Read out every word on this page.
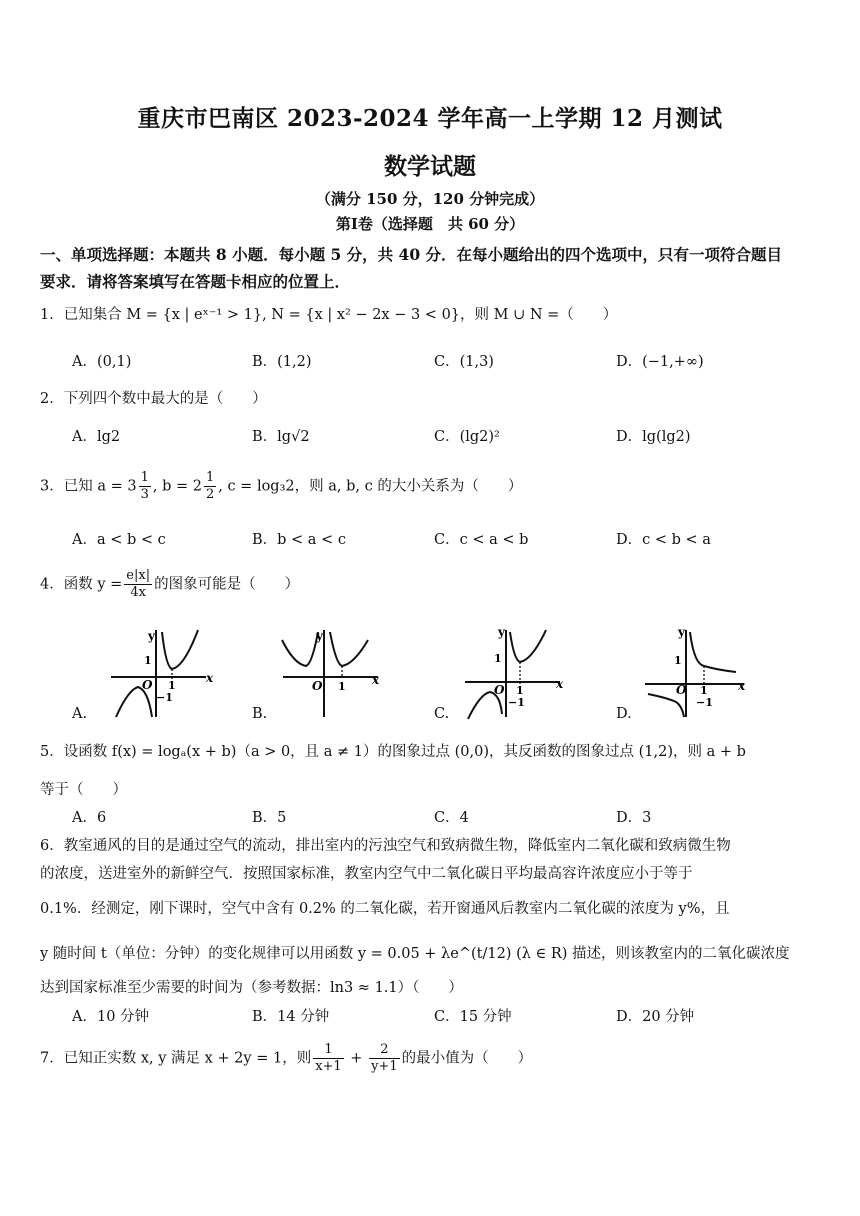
重庆市巴南区 2023-2024 学年高一上学期 12 月测试
数学试题
（满分 150 分，120 分钟完成）
第Ⅰ卷（选择题　共 60 分）
一、单项选择题：本题共 8 小题．每小题 5 分，共 40 分．在每小题给出的四个选项中，只有一项符合题目要求．请将答案填写在答题卡相应的位置上．
1．已知集合 M = {x | eˣ⁻¹ > 1}, N = {x | x² − 2x − 3 < 0}，则 M ∪ N =（　　）
A．(0,1)	B．(1,2)	C．(1,3)	D．(−1,+∞)
2．下列四个数中最大的是（　　）
A．lg2	B．lg√2	C．(lg2)²	D．lg(lg2)
3．已知 $a = 3 \frac{1}{3}$ , $b = 2 \frac{1}{2}$ , c = log₃2，则 a, b, c 的大小关系为（　　）
A．a < b < c	B．b < a < c	C．c < a < b	D．c < b < a
4．函数 $y = \frac{e|x|}{4x}$ 的图象可能是（　　）
y
x
1
O 1
−1
y
x
O 1
y
x
1
O 1
−1
y
x
1
O 1
−1
A.	B.	C.	D.
5．设函数 f(x) = logₐ(x + b)（a > 0，且 a ≠ 1）的图象过点 (0,0)，其反函数的图象过点 (1,2)，则 a + b
等于（　　）
A．6	B．5	C．4	D．3
6．教室通风的目的是通过空气的流动，排出室内的污浊空气和致病微生物，降低室内二氧化碳和致病微生物
的浓度，送进室外的新鲜空气．按照国家标准，教室内空气中二氧化碳日平均最高容许浓度应小于等于
0.1%．经测定，刚下课时，空气中含有 0.2% 的二氧化碳，若开窗通风后教室内二氧化碳的浓度为 y%，且
y 随时间 t（单位：分钟）的变化规律可以用函数 y = 0.05 + λe^(t/12) (λ ∈ R) 描述，则该教室内的二氧化碳浓度
达到国家标准至少需要的时间为（参考数据：ln3 ≈ 1.1）（　　）
A．10 分钟	B．14 分钟	C．15 分钟	D．20 分钟
7．已知正实数 x, y 满足 x + 2y = 1，则 $\frac{1}{x+1} + \frac{2}{y+1}$ 的最小值为（　　）
